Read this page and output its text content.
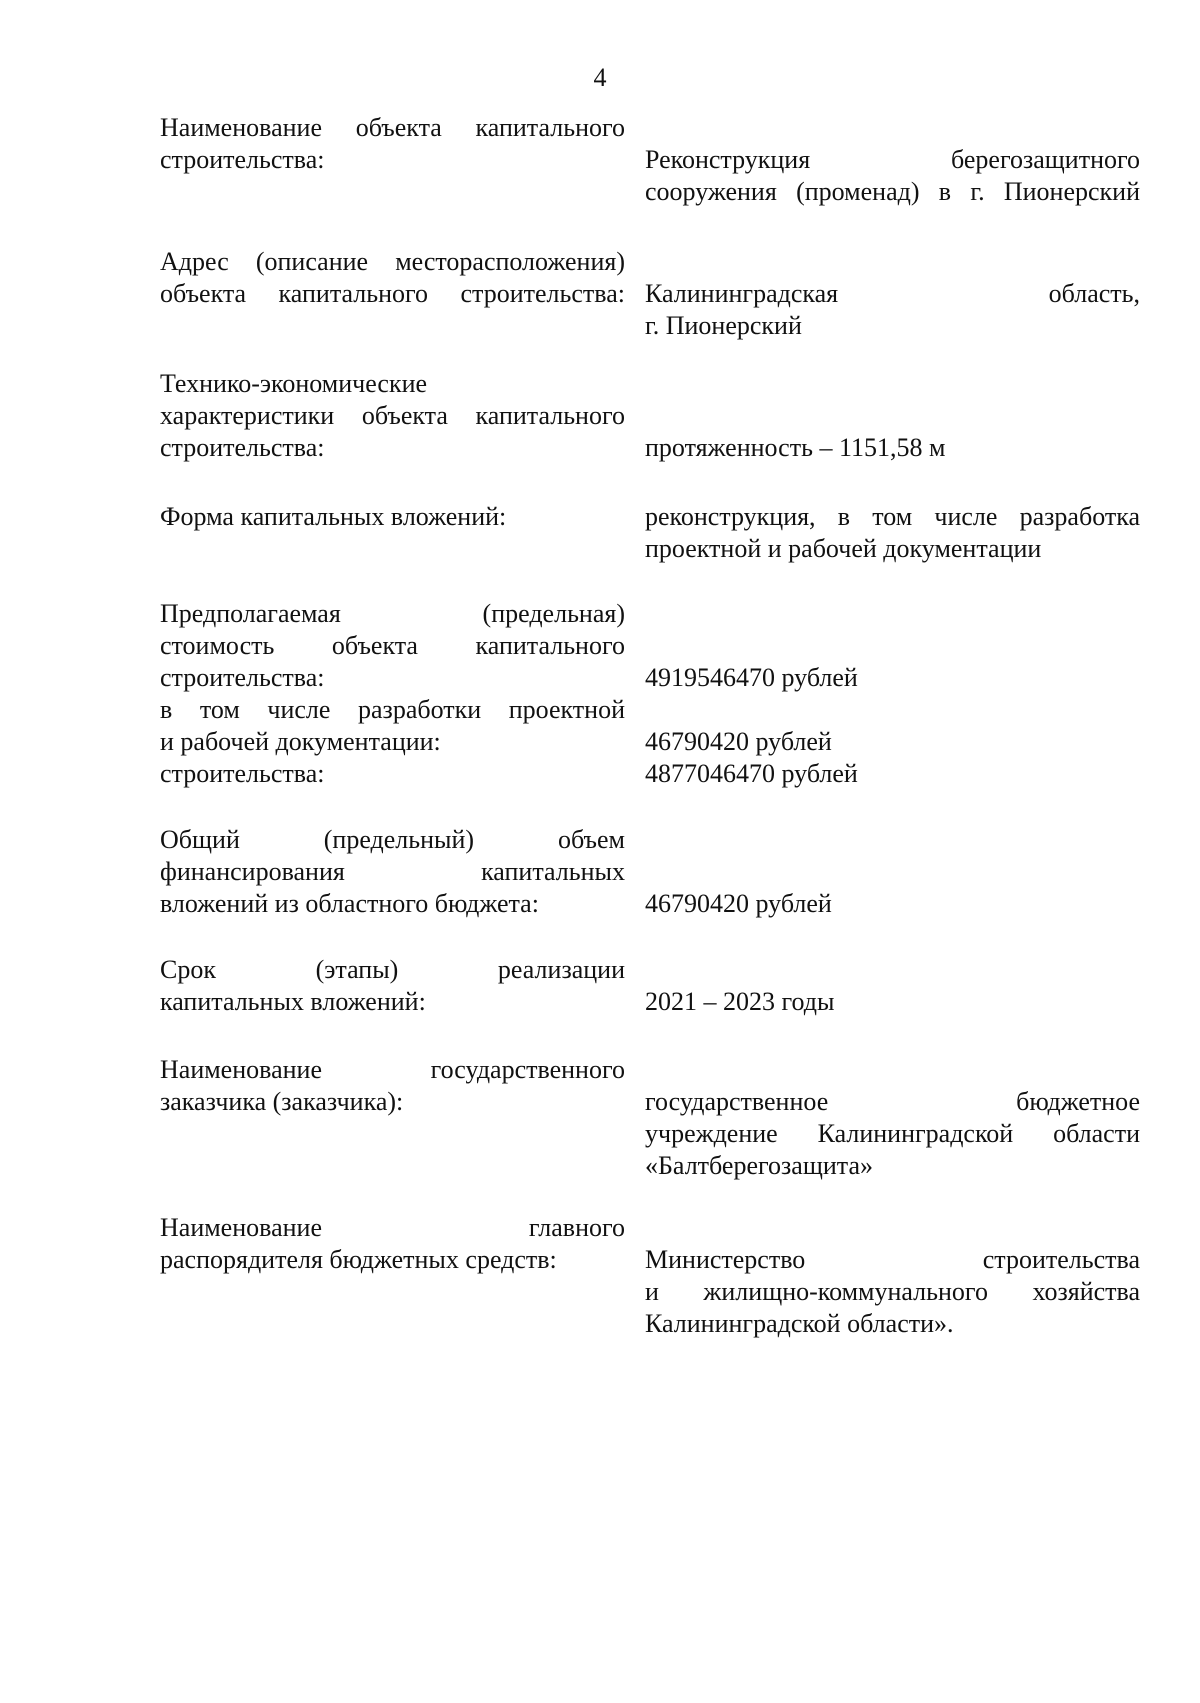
4
Наименование объекта капитального
строительства:	Реконструкция берегозащитного
сооружения (променад) в г. Пионерский
Адрес (описание месторасположения)
объекта капитального строительства: Калининградская область,
г. Пионерский
Технико-экономические
характеристики объекта капитального
строительства:	протяженность – 1151,58 м
Форма капитальных вложений:	реконструкция, в том числе разработка
проектной и рабочей документации
Предполагаемая (предельная)
стоимость объекта капитального
строительства:	4919546470 рублей
в том числе разработки проектной
и рабочей документации:	46790420 рублей
строительства:	4877046470 рублей
Общий (предельный) объем
финансирования капитальных
вложений из областного бюджета:	46790420 рублей
Срок (этапы) реализации
капитальных вложений:	2021 – 2023 годы
Наименование государственного
заказчика (заказчика):	государственное бюджетное
учреждение Калининградской области
«Балтберегозащита»
Наименование главного
распорядителя бюджетных средств:	Министерство строительства
и жилищно-коммунального хозяйства
Калининградской области».
